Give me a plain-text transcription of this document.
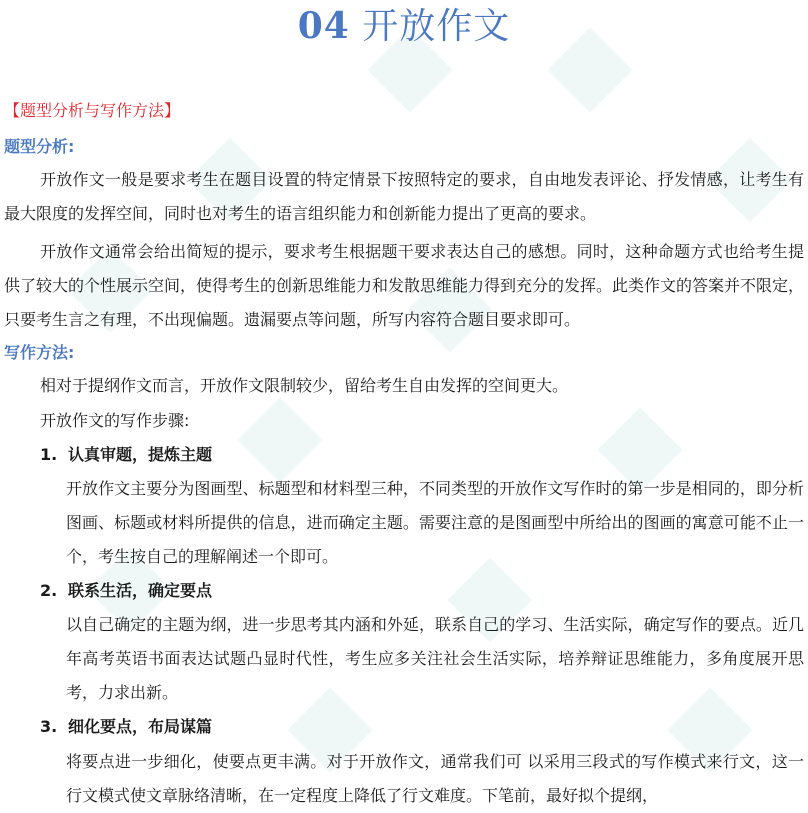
04 开放作文
【题型分析与写作方法】
题型分析:
开放作文一般是要求考生在题目设置的特定情景下按照特定的要求，自由地发表评论、抒发情感，让考生有最大限度的发挥空间，同时也对考生的语言组织能力和创新能力提出了更高的要求。
开放作文通常会给出简短的提示，要求考生根据题干要求表达自己的感想。同时，这种命题方式也给考生提供了较大的个性展示空间，使得考生的创新思维能力和发散思维能力得到充分的发挥。此类作文的答案并不限定，只要考生言之有理，不出现偏题。遗漏要点等问题，所写内容符合题目要求即可。
写作方法:
相对于提纲作文而言，开放作文限制较少，留给考生自由发挥的空间更大。
开放作文的写作步骤:
1. 认真审题，提炼主题
开放作文主要分为图画型、标题型和材料型三种，不同类型的开放作文写作时的第一步是相同的，即分析图画、标题或材料所提供的信息，进而确定主题。需要注意的是图画型中所给出的图画的寓意可能不止一个，考生按自己的理解阐述一个即可。
2. 联系生活，确定要点
以自己确定的主题为纲，进一步思考其内涵和外延，联系自己的学习、生活实际，确定写作的要点。近几年高考英语书面表达试题凸显时代性，考生应多关注社会生活实际，培养辩证思维能力，多角度展开思考，力求出新。
3. 细化要点，布局谋篇
将要点进一步细化，使要点更丰满。对于开放作文，通常我们可 以采用三段式的写作模式来行文，这一行文模式使文章脉络清晰，在一定程度上降低了行文难度。下笔前，最好拟个提纲，
